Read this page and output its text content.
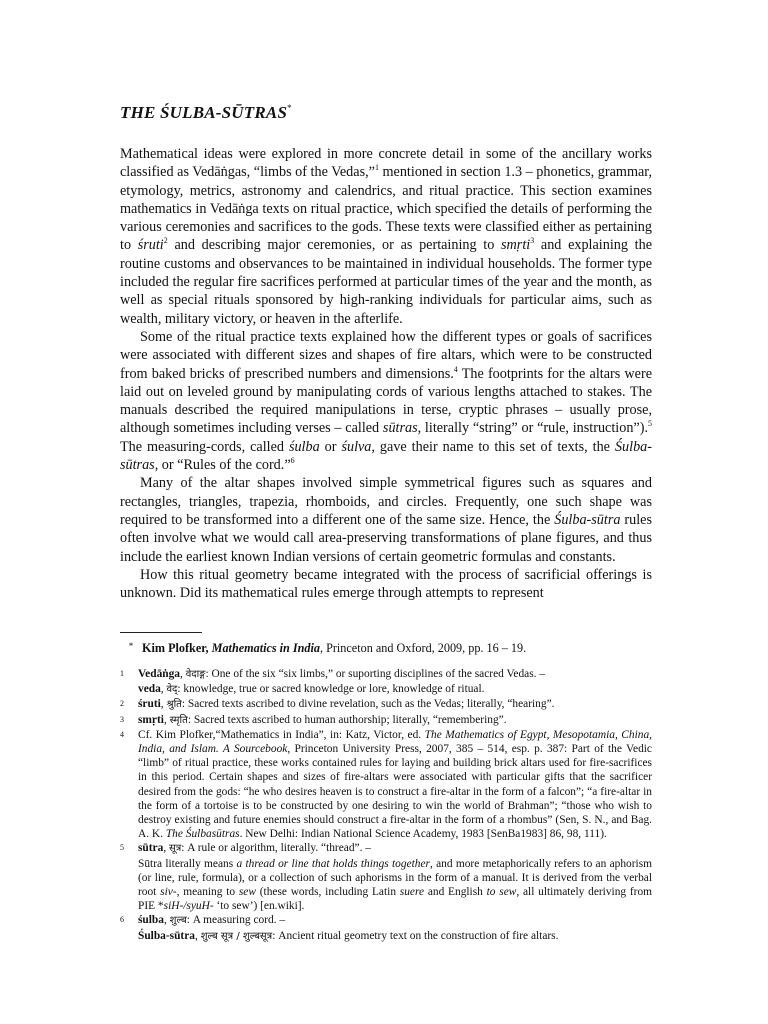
THE ŚULBA-SŪTRAS*

Mathematical ideas were explored in more concrete detail in some of the ancillary works classified as Vedāṅgas, “limbs of the Vedas,”$^1$ mentioned in section 1.3 – phonetics, grammar, etymology, metrics, astronomy and calendrics, and ritual practice. This section examines mathematics in Vedāṅga texts on ritual practice, which specified the details of performing the various ceremonies and sacrifices to the gods. These texts were classified either as pertaining to śruti$^2$ and describing major ceremonies, or as pertaining to smṛti$^3$ and explaining the routine customs and observances to be maintained in individual households. The former type included the regular fire sacrifices performed at particular times of the year and the month, as well as special rituals sponsored by high-ranking individuals for particular aims, such as wealth, military victory, or heaven in the afterlife.

Some of the ritual practice texts explained how the different types or goals of sacrifices were associated with different sizes and shapes of fire altars, which were to be constructed from baked bricks of prescribed numbers and dimensions.$^4$ The footprints for the altars were laid out on leveled ground by manipulating cords of various lengths attached to stakes. The manuals described the required manipulations in terse, cryptic phrases – usually prose, although sometimes including verses – called sūtras, literally “string” or “rule, instruction”).$^5$ The measuring-cords, called śulba or śulva, gave their name to this set of texts, the Śulba-sūtras, or “Rules of the cord.”$^6$

Many of the altar shapes involved simple symmetrical figures such as squares and rectangles, triangles, trapezia, rhomboids, and circles. Frequently, one such shape was required to be transformed into a different one of the same size. Hence, the Śulba-sūtra rules often involve what we would call area-preserving transformations of plane figures, and thus include the earliest known Indian versions of certain geometric formulas and constants.

How this ritual geometry became integrated with the process of sacrificial offerings is unknown. Did its mathematical rules emerge through attempts to represent

* Kim Plofker, Mathematics in India, Princeton and Oxford, 2009, pp. 16 – 19.
1	Vedāṅga, वेदाङ्ग: One of the six “six limbs,” or suporting disciplines of the sacred Vedas. –
veda, वेद्: knowledge, true or sacred knowledge or lore, knowledge of ritual.
2	śruti, श्रुति: Sacred texts ascribed to divine revelation, such as the Vedas; literally, “hearing”.
3	smṛti, स्मृति: Sacred texts ascribed to human authorship; literally, “remembering”.
4	Cf. Kim Plofker,“Mathematics in India”, in: Katz, Victor, ed. The Mathematics of Egypt, Mesopotamia, China, India, and Islam. A Sourcebook, Princeton University Press, 2007, 385 – 514, esp. p. 387: Part of the Vedic “limb” of ritual practice, these works contained rules for laying and building brick altars used for fire-sacrifices in this period. Certain shapes and sizes of fire-altars were associated with particular gifts that the sacrificer desired from the gods: “he who desires heaven is to construct a fire-altar in the form of a falcon”; “a fire-altar in the form of a tortoise is to be constructed by one desiring to win the world of Brahman”; “those who wish to destroy existing and future enemies should construct a fire-altar in the form of a rhombus” (Sen, S. N., and Bag. A. K. The Śulbasūtras. New Delhi: Indian National Science Academy, 1983 [SenBa1983] 86, 98, 111).
5	sūtra, सूत्र: A rule or algorithm, literally. “thread”. –
Sūtra literally means a thread or line that holds things together, and more metaphorically refers to an aphorism (or line, rule, formula), or a collection of such aphorisms in the form of a manual. It is derived from the verbal root siv-, meaning to sew (these words, including Latin suere and English to sew, all ultimately deriving from PIE *siH-/syuH- ‘to sew’) [en.wiki].
6	śulba, शुल्ब: A measuring cord. –
Śulba-sūtra, शुल्ब सूत्र / शुल्बसूत्र: Ancient ritual geometry text on the construction of fire altars.
